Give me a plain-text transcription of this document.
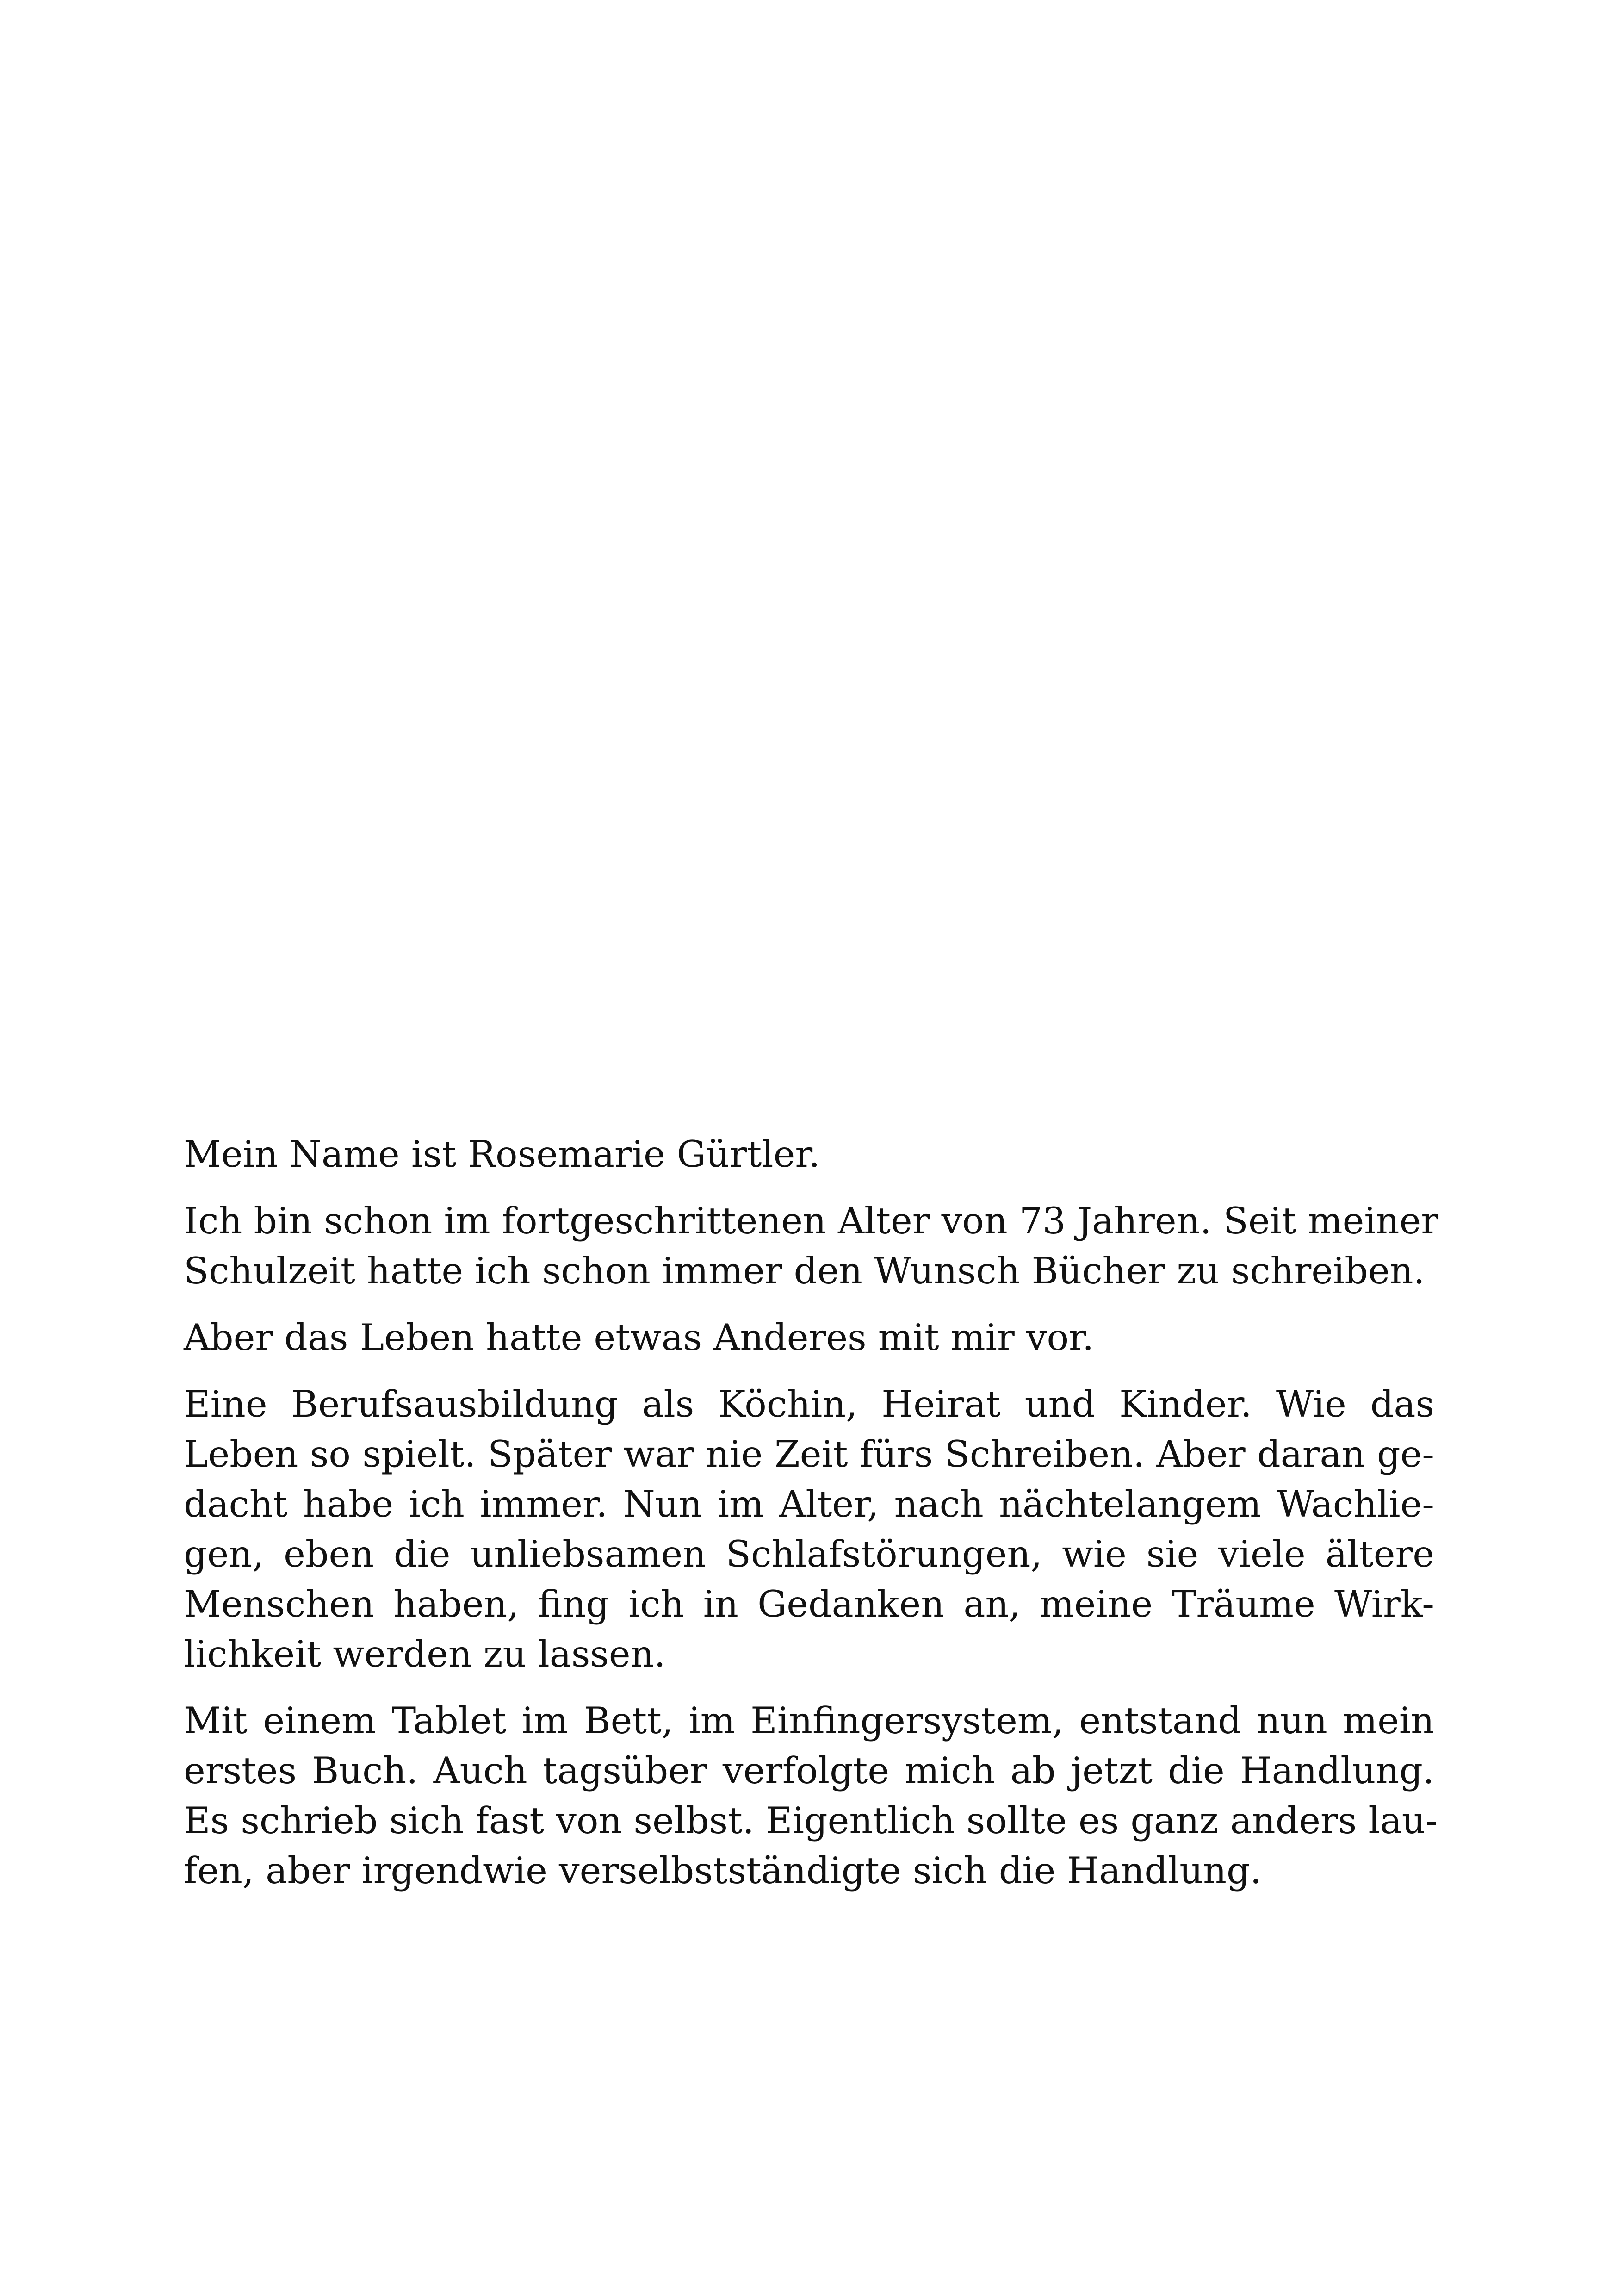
Mein Name ist Rosemarie Gürtler.
Ich bin schon im fortgeschrittenen Alter von 73 Jahren. Seit meiner
Schulzeit hatte ich schon immer den Wunsch Bücher zu schreiben.
Aber das Leben hatte etwas Anderes mit mir vor.
Eine Berufsausbildung als Köchin, Heirat und Kinder. Wie das
Leben so spielt. Später war nie Zeit fürs Schreiben. Aber daran ge-
dacht habe ich immer. Nun im Alter, nach nächtelangem Wachlie-
gen, eben die unliebsamen Schlafstörungen, wie sie viele ältere
Menschen haben, fing ich in Gedanken an, meine Träume Wirk-
lichkeit werden zu lassen.
Mit einem Tablet im Bett, im Einfingersystem, entstand nun mein
erstes Buch. Auch tagsüber verfolgte mich ab jetzt die Handlung.
Es schrieb sich fast von selbst. Eigentlich sollte es ganz anders lau-
fen, aber irgendwie verselbstständigte sich die Handlung.
